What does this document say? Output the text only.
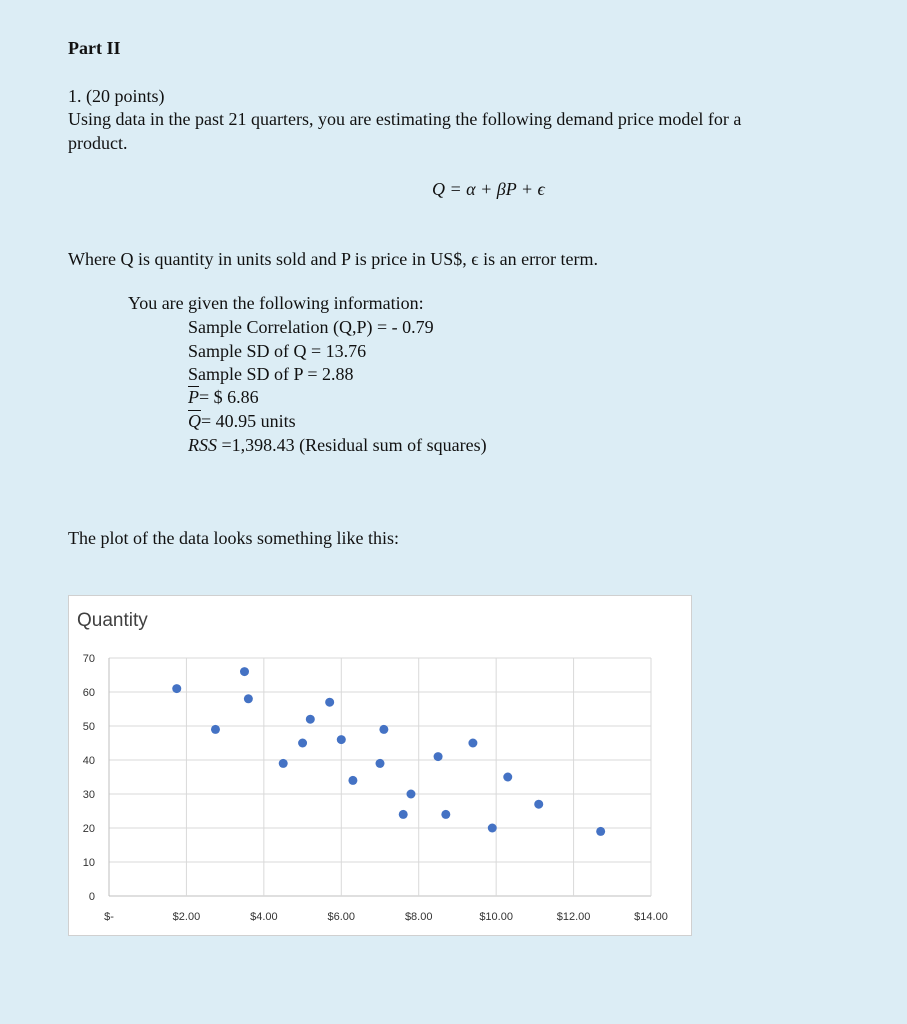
Part II
1. (20 points)
Using data in the past 21 quarters, you are estimating the following demand price model for a
product.
Q = α + βP + ϵ
Where Q is quantity in units sold and P is price in US$, ϵ is an error term.
You are given the following information:
Sample Correlation (Q,P) = - 0.79
Sample SD of Q = 13.76
Sample SD of P = 2.88
$\overline{P}=$ $ 6.86
$\overline{Q}= 40.95$ units
RSS =1,398.43 (Residual sum of squares)
The plot of the data looks something like this:
Quantity
0
10
20
30
40
50
60
70
$-	$2.00	$4.00	$6.00	$8.00	$10.00	$12.00	$14.00
